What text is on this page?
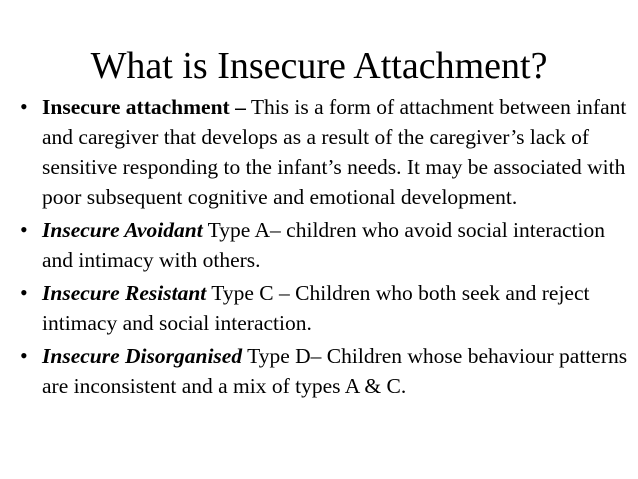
What is Insecure Attachment?
• Insecure attachment – This is a form of attachment between infant and caregiver that develops as a result of the caregiver’s lack of sensitive responding to the infant’s needs. It may be associated with poor subsequent cognitive and emotional development.
• Insecure Avoidant Type A– children who avoid social interaction and intimacy with others.
• Insecure Resistant Type C – Children who both seek and reject intimacy and social interaction.
• Insecure Disorganised Type D– Children whose behaviour patterns are inconsistent and a mix of types A & C.
